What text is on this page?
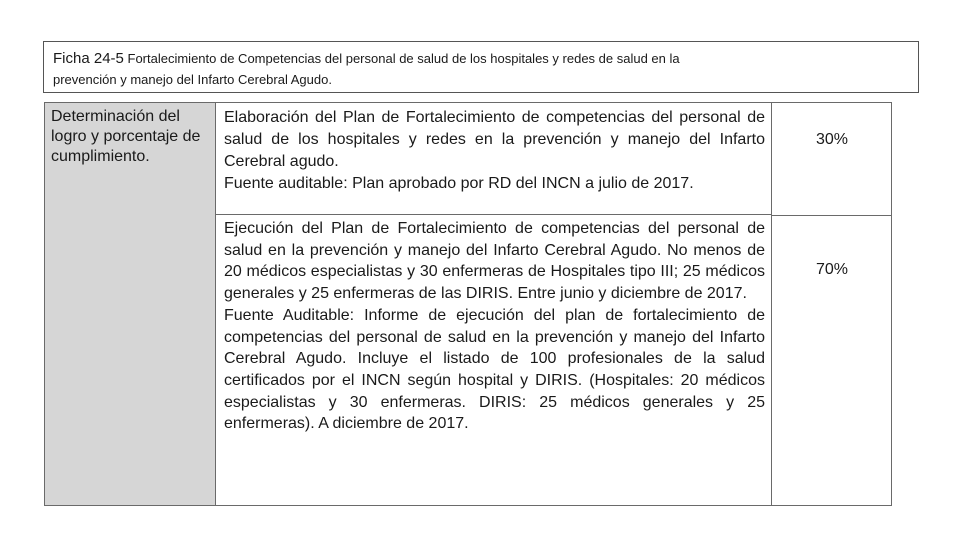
Ficha 24-5 Fortalecimiento de Competencias del personal de salud de los hospitales y redes de salud en la
prevención y manejo del Infarto Cerebral Agudo.
Determinación del logro y porcentaje de cumplimiento.

Elaboración del Plan de Fortalecimiento de competencias del personal de salud de los hospitales y redes en la prevención y manejo del Infarto Cerebral agudo.

Fuente auditable: Plan aprobado por RD del INCN a julio de 2017.

Ejecución del Plan de Fortalecimiento de competencias del personal de salud en la prevención y manejo del Infarto Cerebral Agudo. No menos de 20 médicos especialistas y 30 enfermeras de Hospitales tipo III; 25 médicos generales y 25 enfermeras de las DIRIS. Entre junio y diciembre de 2017.

Fuente Auditable: Informe de ejecución del plan de fortalecimiento de competencias del personal de salud en la prevención y manejo del Infarto Cerebral Agudo. Incluye el listado de 100 profesionales de la salud certificados por el INCN según hospital y DIRIS. (Hospitales: 20 médicos especialistas y 30 enfermeras. DIRIS: 25 médicos generales y 25 enfermeras). A diciembre de 2017.

30%
70%
